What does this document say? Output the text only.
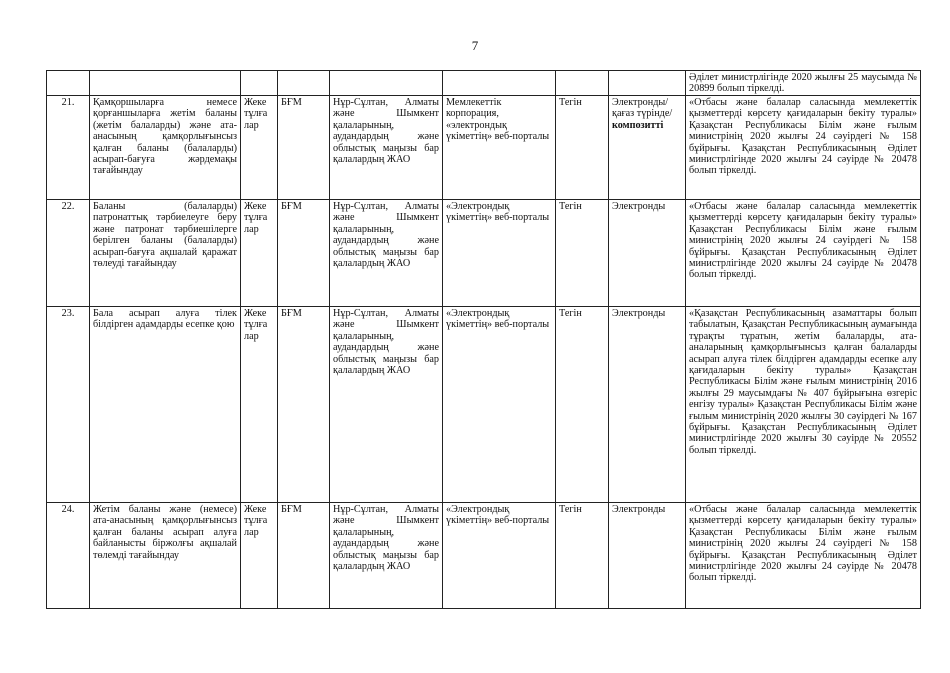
7
								Әділет министрлігінде 2020 жылғы 25 маусымда № 20899 болып тіркелді.
21.	Қамқоршыларға немесе қорғаншыларға жетім баланы (жетім балаларды) және ата-анасының қамқорлығынсыз қалған баланы (балаларды) асырап-бағуға жәрдемақы тағайындау	Жеке тұлға лар	БҒМ	Нұр-Сұлтан, Алматы және Шымкент қалаларының, аудандардың және облыстық маңызы бар қалалардың ЖАО	Мемлекеттік корпорация, «электрондық үкіметтің» веб-порталы	Тегін	Электронды/ қағаз түрінде/композитті	«Отбасы және балалар саласында мемлекеттік қызметтерді көрсету қағидаларын бекіту туралы» Қазақстан Республикасы Білім және ғылым министрінің 2020 жылғы 24 сәуірдегі № 158 бұйрығы. Қазақстан Республикасының Әділет министрлігінде 2020 жылғы 24 сәуірде № 20478 болып тіркелді.
22.	Баланы (балаларды) патронаттық тәрбиелеуге беру және патронат тәрбиешілерге берілген баланы (балаларды) асырап-бағуға ақшалай қаражат төлеуді тағайындау	Жеке тұлға лар	БҒМ	Нұр-Сұлтан, Алматы және Шымкент қалаларының, аудандардың және облыстық маңызы бар қалалардың ЖАО	«Электрондық үкіметтің» веб-порталы	Тегін	Электронды	«Отбасы және балалар саласында мемлекеттік қызметтерді көрсету қағидаларын бекіту туралы» Қазақстан Республикасы Білім және ғылым министрінің 2020 жылғы 24 сәуірдегі № 158 бұйрығы. Қазақстан Республикасының Әділет министрлігінде 2020 жылғы 24 сәуірде № 20478 болып тіркелді.
23.	Бала асырап алуға тілек білдірген адамдарды есепке қою	Жеке тұлға лар	БҒМ	Нұр-Сұлтан, Алматы және Шымкент қалаларының, аудандардың және облыстық маңызы бар қалалардың ЖАО	«Электрондық үкіметтің» веб-порталы	Тегін	Электронды	«Қазақстан Республикасының азаматтары болып табылатын, Қазақстан Республикасының аумағында тұрақты тұратын, жетім балаларды, ата-аналарының қамқорлығынсыз қалған балаларды асырап алуға тілек білдірген адамдарды есепке алу қағидаларын бекіту туралы» Қазақстан Республикасы Білім және ғылым министрінің 2016 жылғы 29 маусымдағы № 407 бұйрығына өзгеріс енгізу туралы» Қазақстан Республикасы Білім және ғылым министрінің 2020 жылғы 30 сәуірдегі № 167 бұйрығы. Қазақстан Республикасының Әділет министрлігінде 2020 жылғы 30 сәуірде № 20552 болып тіркелді.
24.	Жетім баланы және (немесе) ата-анасының қамқорлығынсыз қалған баланы асырап алуға байланысты біржолғы ақшалай төлемді тағайындау	Жеке тұлға лар	БҒМ	Нұр-Сұлтан, Алматы және Шымкент қалаларының, аудандардың және облыстық маңызы бар қалалардың ЖАО	«Электрондық үкіметтің» веб-порталы	Тегін	Электронды	«Отбасы және балалар саласында мемлекеттік қызметтерді көрсету қағидаларын бекіту туралы» Қазақстан Республикасы Білім және ғылым министрінің 2020 жылғы 24 сәуірдегі № 158 бұйрығы. Қазақстан Республикасының Әділет министрлігінде 2020 жылғы 24 сәуірде № 20478 болып тіркелді.
